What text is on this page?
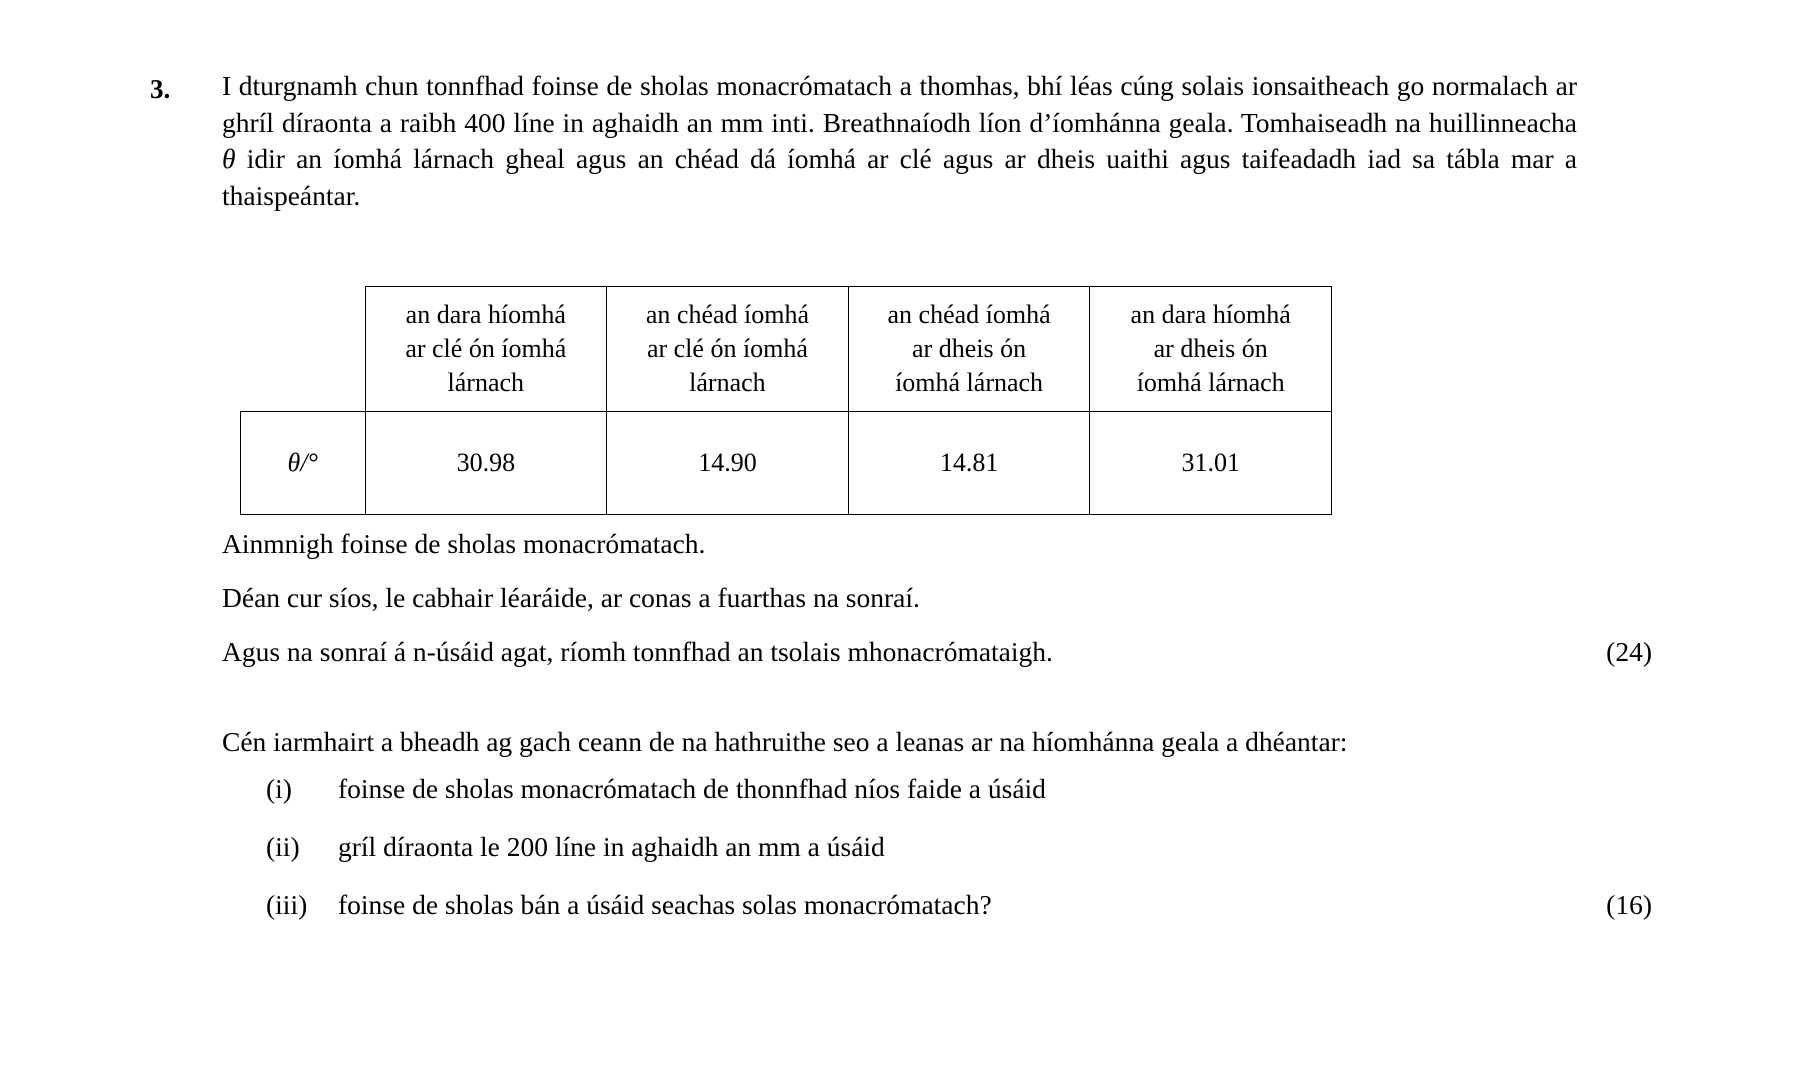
3. I dturgnamh chun tonnfhad foinse de sholas monacrómatach a thomhas, bhí léas cúng solais ionsaitheach go normalach ar ghríl díraonta a raibh 400 líne in aghaidh an mm inti. Breathnaíodh líon d’íomhánna geala. Tomhaiseadh na huillinneacha θ idir an íomhá lárnach gheal agus an chéad dá íomhá ar clé agus ar dheis uaithi agus taifeadadh iad sa tábla mar a thaispeántar.

	an dara híomhá
ar clé ón íomhá
lárnach	an chéad íomhá
ar clé ón íomhá
lárnach	an chéad íomhá
ar dheis ón
íomhá lárnach	an dara híomhá
ar dheis ón
íomhá lárnach
θ/°	30.98	14.90	14.81	31.01
Ainmnigh foinse de sholas monacrómatach.
Déan cur síos, le cabhair léaráide, ar conas a fuarthas na sonraí.
Agus na sonraí á n-úsáid agat, ríomh tonnfhad an tsolais mhonacrómataigh.	(24)
Cén iarmhairt a bheadh ag gach ceann de na hathruithe seo a leanas ar na híomhánna geala a dhéantar:
(i)	foinse de sholas monacrómatach de thonnfhad níos faide a úsáid
(ii)	gríl díraonta le 200 líne in aghaidh an mm a úsáid
(iii)	foinse de sholas bán a úsáid seachas solas monacrómatach?	(16)
